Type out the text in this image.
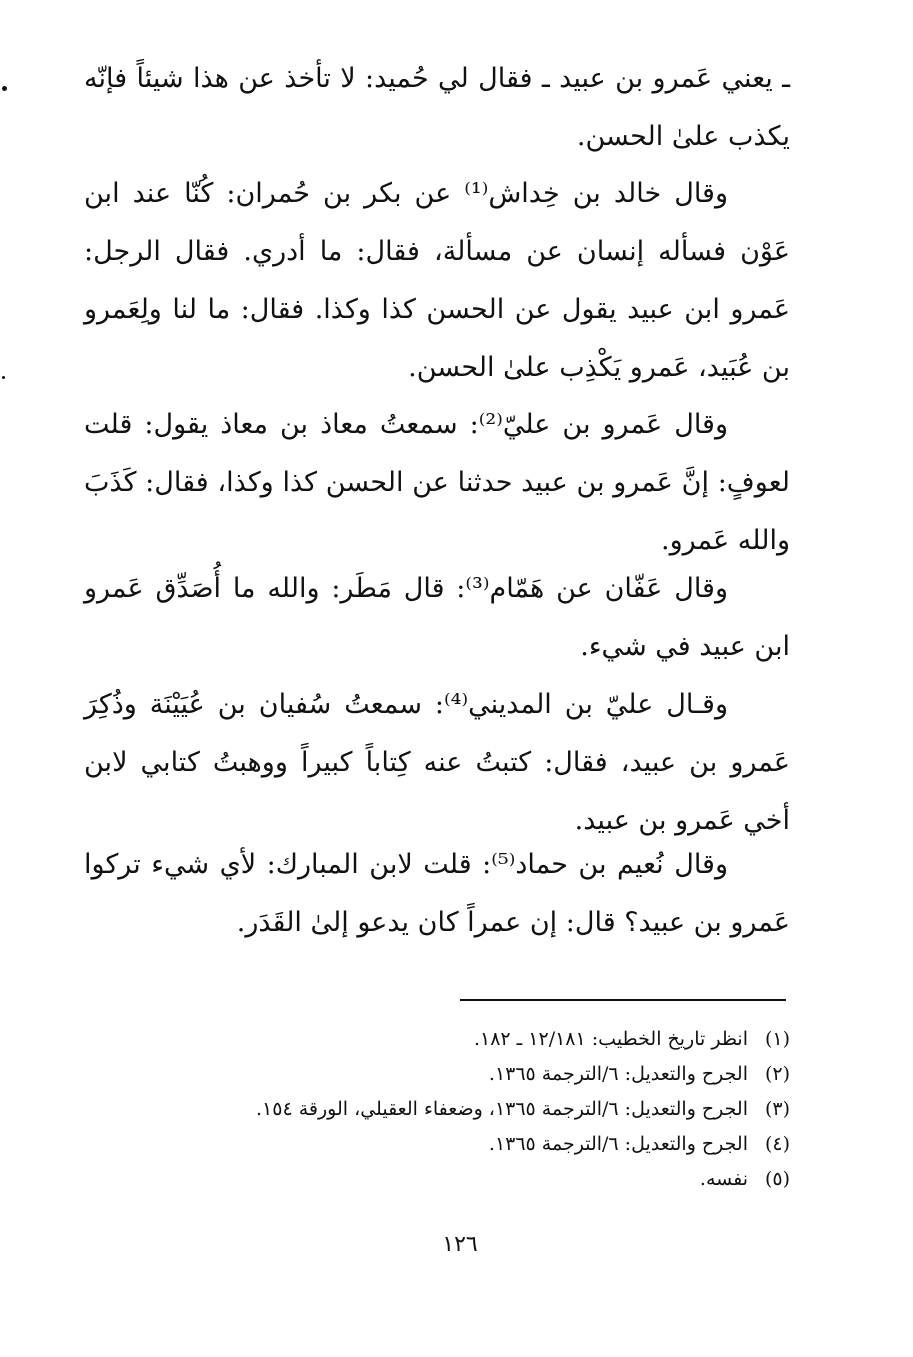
ـ يعني عَمرو بن عبيد ـ فقال لي حُميد: لا تأخذ عن هذا شيئاً فإنّه يكذب علىٰ الحسن.

وقال خالد بن خِداش⁽¹⁾ عن بكر بن حُمران: كُنّا عند ابن عَوْن فسأله إنسان عن مسألة، فقال: ما أدري. فقال الرجل: عَمرو ابن عبيد يقول عن الحسن كذا وكذا. فقال: ما لنا ولِعَمرو بن عُبَيد، عَمرو يَكْذِب علىٰ الحسن.

وقال عَمرو بن عليّ⁽²⁾: سمعتُ معاذ بن معاذ يقول: قلت لعوفٍ: إنَّ عَمرو بن عبيد حدثنا عن الحسن كذا وكذا، فقال: كَذَبَ والله عَمرو.

وقال عَفّان عن هَمّام⁽³⁾: قال مَطَر: والله ما أُصَدِّق عَمرو ابن عبيد في شيء.

وقـال عليّ بن المديني⁽⁴⁾: سمعتُ سُفيان بن عُيَيْنَة وذُكِرَ عَمرو بن عبيد، فقال: كتبتُ عنه كِتاباً كبيراً ووهبتُ كتابي لابن أخي عَمرو بن عبيد.

وقال نُعيم بن حماد⁽⁵⁾: قلت لابن المبارك: لأي شيء تركوا عَمرو بن عبيد؟ قال: إن عمراً كان يدعو إلىٰ القَدَر.

(١)انظر تاريخ الخطيب: ١٢/١٨١ ـ ١٨٢.
(٢)الجرح والتعديل: ٦/الترجمة ١٣٦٥.
(٣)الجرح والتعديل: ٦/الترجمة ١٣٦٥، وضعفاء العقيلي، الورقة ١٥٤.
(٤)الجرح والتعديل: ٦/الترجمة ١٣٦٥.
(٥)نفسه.
١٢٦
